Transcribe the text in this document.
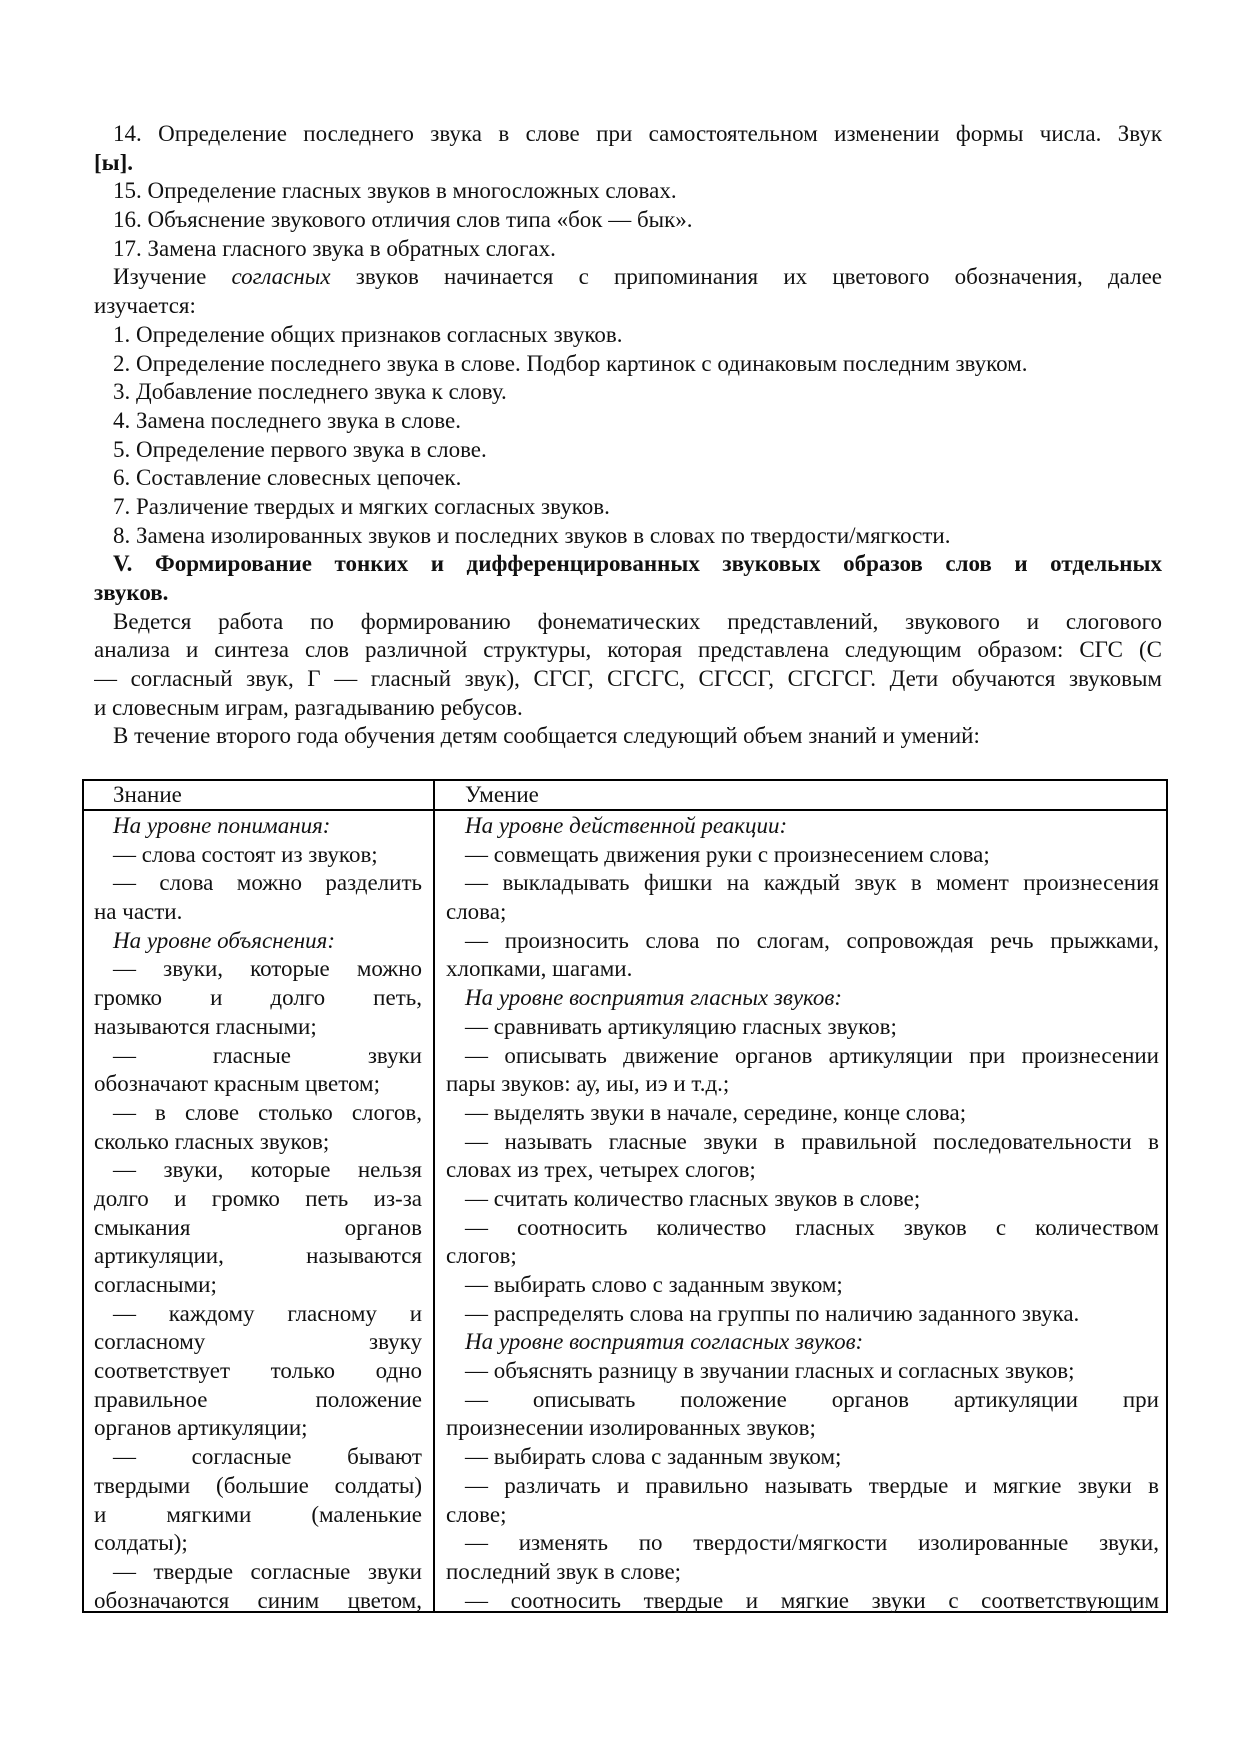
14. Определение последнего звука в слове при самостоятельном изменении формы числа. Звук
[ы].
15. Определение гласных звуков в многосложных словах.
16. Объяснение звукового отличия слов типа «бок — бык».
17. Замена гласного звука в обратных слогах.
Изучение согласных звуков начинается с припоминания их цветового обозначения, далее
изучается:
1. Определение общих признаков согласных звуков.
2. Определение последнего звука в слове. Подбор картинок с одинаковым последним звуком.
3. Добавление последнего звука к слову.
4. Замена последнего звука в слове.
5. Определение первого звука в слове.
6. Составление словесных цепочек.
7. Различение твердых и мягких согласных звуков.
8. Замена изолированных звуков и последних звуков в словах по твердости/мягкости.
V. Формирование тонких и дифференцированных звуковых образов слов и отдельных
звуков.
Ведется работа по формированию фонематических представлений, звукового и слогового
анализа и синтеза слов различной структуры, которая представлена следующим образом: СГС (С
— согласный звук, Г — гласный звук), СГСГ, СГСГС, СГССГ, СГСГСГ. Дети обучаются звуковым
и словесным играм, разгадыванию ребусов.
В течение второго года обучения детям сообщается следующий объем знаний и умений:
Знание	Умение
На уровне понимания:
— слова состоят из звуков;
— слова можно разделить
на части.
На уровне объяснения:
— звуки, которые можно
громко и долго петь,
называются гласными;
— гласные звуки
обозначают красным цветом;
— в слове столько слогов,
сколько гласных звуков;
— звуки, которые нельзя
долго и громко петь из-за
смыкания органов
артикуляции, называются
согласными;
— каждому гласному и
согласному звуку
соответствует только одно
правильное положение
органов артикуляции;
— согласные бывают
твердыми (большие солдаты)
и мягкими (маленькие
солдаты);
— твердые согласные звуки
обозначаются синим цветом,
На уровне действенной реакции:
— совмещать движения руки с произнесением слова;
— выкладывать фишки на каждый звук в момент произнесения
слова;
— произносить слова по слогам, сопровождая речь прыжками,
хлопками, шагами.
На уровне восприятия гласных звуков:
— сравнивать артикуляцию гласных звуков;
— описывать движение органов артикуляции при произнесении
пары звуков: ау, иы, иэ и т.д.;
— выделять звуки в начале, середине, конце слова;
— называть гласные звуки в правильной последовательности в
словах из трех, четырех слогов;
— считать количество гласных звуков в слове;
— соотносить количество гласных звуков с количеством
слогов;
— выбирать слово с заданным звуком;
— распределять слова на группы по наличию заданного звука.
На уровне восприятия согласных звуков:
— объяснять разницу в звучании гласных и согласных звуков;
— описывать положение органов артикуляции при
произнесении изолированных звуков;
— выбирать слова с заданным звуком;
— различать и правильно называть твердые и мягкие звуки в
слове;
— изменять по твердости/мягкости изолированные звуки,
последний звук в слове;
— соотносить твердые и мягкие звуки с соответствующим
